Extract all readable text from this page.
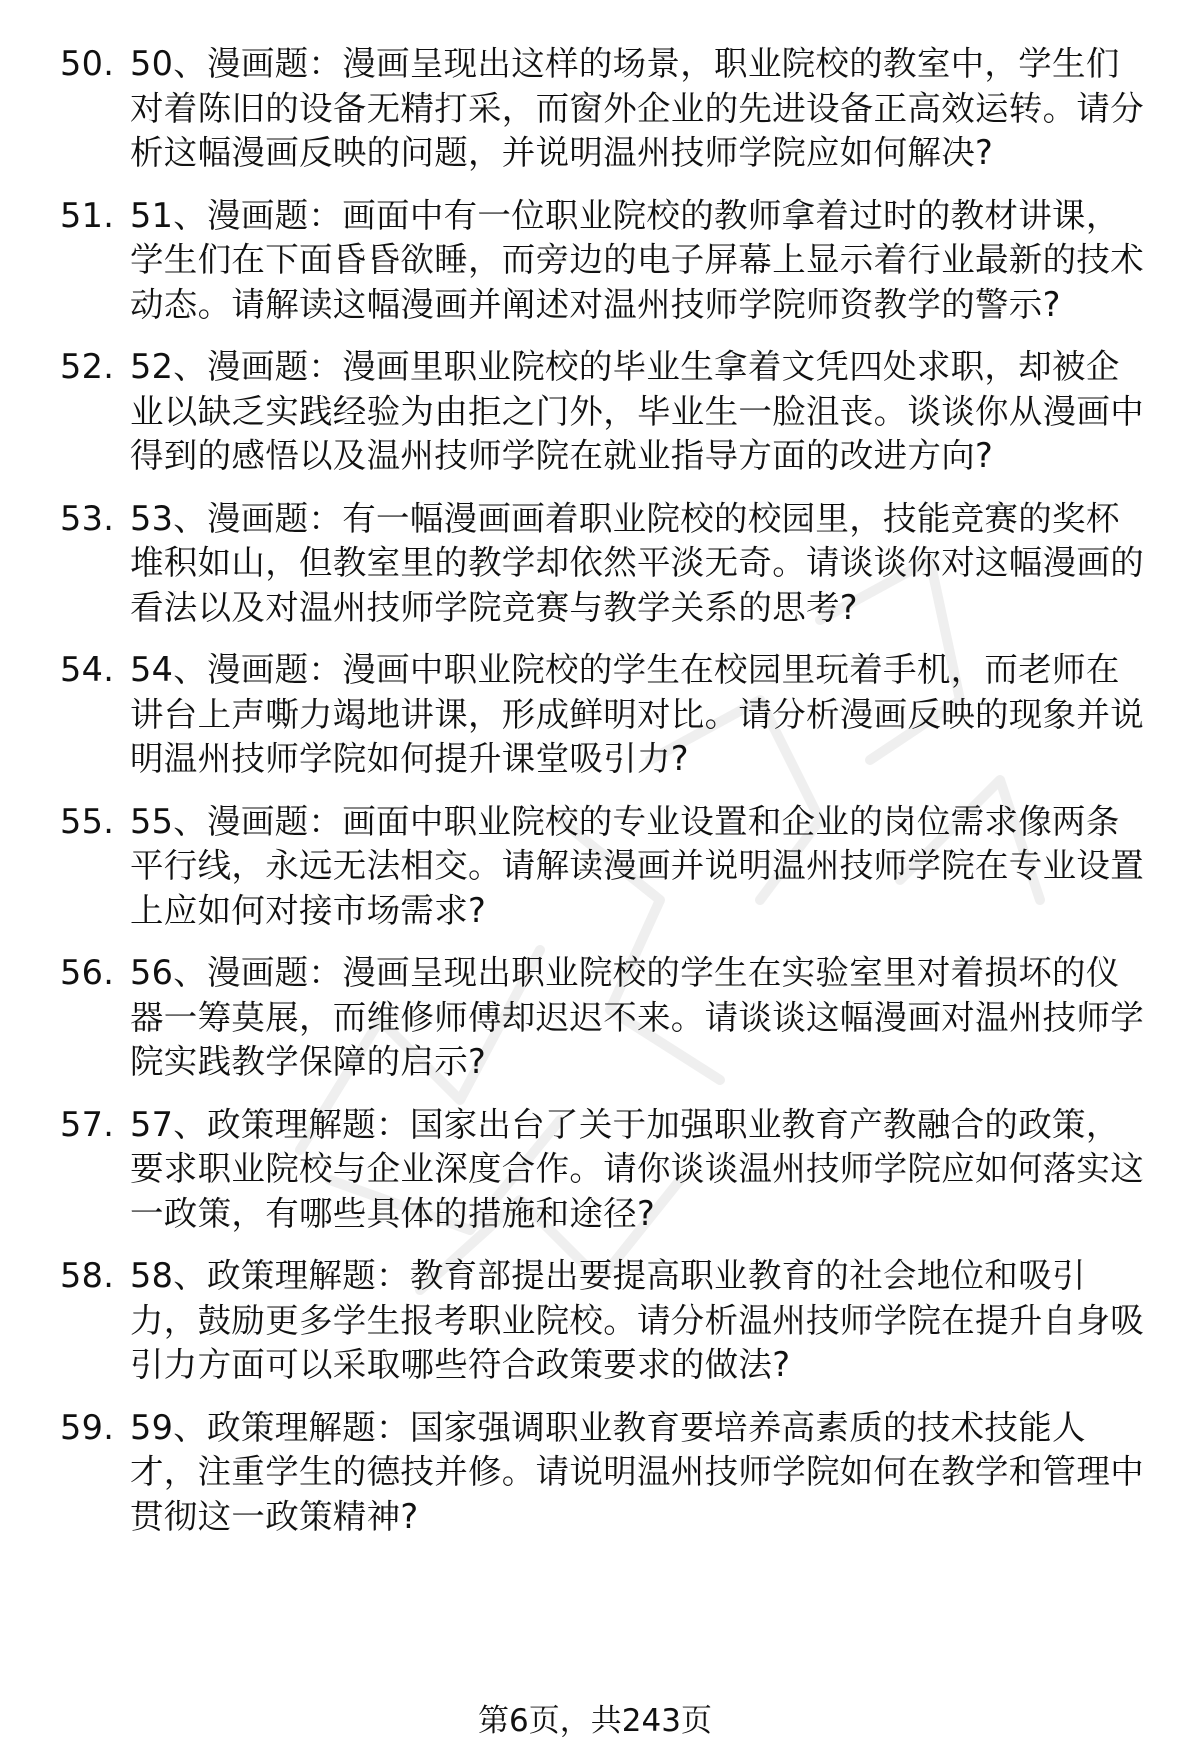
50. 50、漫画题：漫画呈现出这样的场景，职业院校的教室中，学生们对着陈旧的设备无精打采，而窗外企业的先进设备正高效运转。请分析这幅漫画反映的问题，并说明温州技师学院应如何解决?
51. 51、漫画题：画面中有一位职业院校的教师拿着过时的教材讲课，学生们在下面昏昏欲睡，而旁边的电子屏幕上显示着行业最新的技术动态。请解读这幅漫画并阐述对温州技师学院师资教学的警示?
52. 52、漫画题：漫画里职业院校的毕业生拿着文凭四处求职，却被企业以缺乏实践经验为由拒之门外，毕业生一脸沮丧。谈谈你从漫画中得到的感悟以及温州技师学院在就业指导方面的改进方向?
53. 53、漫画题：有一幅漫画画着职业院校的校园里，技能竞赛的奖杯堆积如山，但教室里的教学却依然平淡无奇。请谈谈你对这幅漫画的看法以及对温州技师学院竞赛与教学关系的思考?
54. 54、漫画题：漫画中职业院校的学生在校园里玩着手机，而老师在讲台上声嘶力竭地讲课，形成鲜明对比。请分析漫画反映的现象并说明温州技师学院如何提升课堂吸引力?
55. 55、漫画题：画面中职业院校的专业设置和企业的岗位需求像两条平行线，永远无法相交。请解读漫画并说明温州技师学院在专业设置上应如何对接市场需求?
56. 56、漫画题：漫画呈现出职业院校的学生在实验室里对着损坏的仪器一筹莫展，而维修师傅却迟迟不来。请谈谈这幅漫画对温州技师学院实践教学保障的启示?
57. 57、政策理解题：国家出台了关于加强职业教育产教融合的政策，要求职业院校与企业深度合作。请你谈谈温州技师学院应如何落实这一政策，有哪些具体的措施和途径?
58. 58、政策理解题：教育部提出要提高职业教育的社会地位和吸引力，鼓励更多学生报考职业院校。请分析温州技师学院在提升自身吸引力方面可以采取哪些符合政策要求的做法?
59. 59、政策理解题：国家强调职业教育要培养高素质的技术技能人才，注重学生的德技并修。请说明温州技师学院如何在教学和管理中贯彻这一政策精神?
第6页，共243页
